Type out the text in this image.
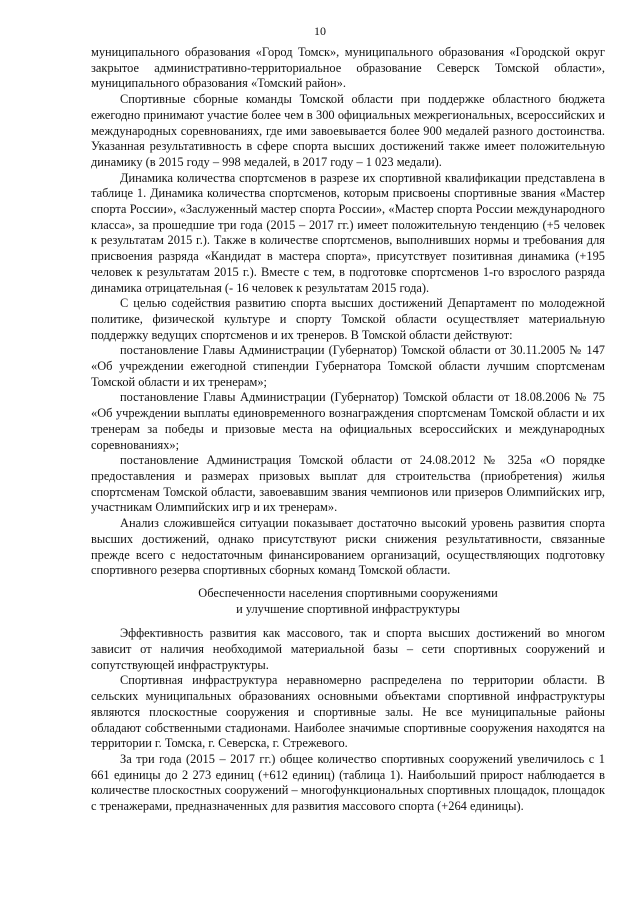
10

муниципального образования «Город Томск», муниципального образования «Городской округ закрытое административно-территориальное образование Северск Томской области», муниципального образования «Томский район».

Спортивные сборные команды Томской области при поддержке областного бюджета ежегодно принимают участие более чем в 300 официальных межрегиональных, всероссийских и международных соревнованиях, где ими завоевывается более 900 медалей разного достоинства. Указанная результативность в сфере спорта высших достижений также имеет положительную динамику (в 2015 году – 998 медалей, в 2017 году – 1 023 медали).

Динамика количества спортсменов в разрезе их спортивной квалификации представлена в таблице 1. Динамика количества спортсменов, которым присвоены спортивные звания «Мастер спорта России», «Заслуженный мастер спорта России», «Мастер спорта России международного класса», за прошедшие три года (2015 – 2017 гг.) имеет положительную тенденцию (+5 человек к результатам 2015 г.). Также в количестве спортсменов, выполнивших нормы и требования для присвоения разряда «Кандидат в мастера спорта», присутствует позитивная динамика (+195 человек к результатам 2015 г.). Вместе с тем, в подготовке спортсменов 1-го взрослого разряда динамика отрицательная (- 16 человек к результатам 2015 года).

С целью содействия развитию спорта высших достижений Департамент по молодежной политике, физической культуре и спорту Томской области осуществляет материальную поддержку ведущих спортсменов и их тренеров. В Томской области действуют:

постановление Главы Администрации (Губернатор) Томской области от 30.11.2005 № 147 «Об учреждении ежегодной стипендии Губернатора Томской области лучшим спортсменам Томской области и их тренерам»;

постановление Главы Администрации (Губернатор) Томской области от 18.08.2006 № 75 «Об учреждении выплаты единовременного вознаграждения спортсменам Томской области и их тренерам за победы и призовые места на официальных всероссийских и международных соревнованиях»;

постановление Администрация Томской области от 24.08.2012 № 325а «О порядке предоставления и размерах призовых выплат для строительства (приобретения) жилья спортсменам Томской области, завоевавшим звания чемпионов или призеров Олимпийских игр, участникам Олимпийских игр и их тренерам».

Анализ сложившейся ситуации показывает достаточно высокий уровень развития спорта высших достижений, однако присутствуют риски снижения результативности, связанные прежде всего с недостаточным финансированием организаций, осуществляющих подготовку спортивного резерва спортивных сборных команд Томской области.

Обеспеченности населения спортивными сооружениями

и улучшение спортивной инфраструктуры

Эффективность развития как массового, так и спорта высших достижений во многом зависит от наличия необходимой материальной базы – сети спортивных сооружений и сопутствующей инфраструктуры.

Спортивная инфраструктура неравномерно распределена по территории области. В сельских муниципальных образованиях основными объектами спортивной инфраструктуры являются плоскостные сооружения и спортивные залы. Не все муниципальные районы обладают собственными стадионами. Наиболее значимые спортивные сооружения находятся на территории г. Томска, г. Северска, г. Стрежевого.

За три года (2015 – 2017 гг.) общее количество спортивных сооружений увеличилось с 1 661 единицы до 2 273 единиц (+612 единиц) (таблица 1). Наибольший прирост наблюдается в количестве плоскостных сооружений – многофункциональных спортивных площадок, площадок с тренажерами, предназначенных для развития массового спорта (+264 единицы).
